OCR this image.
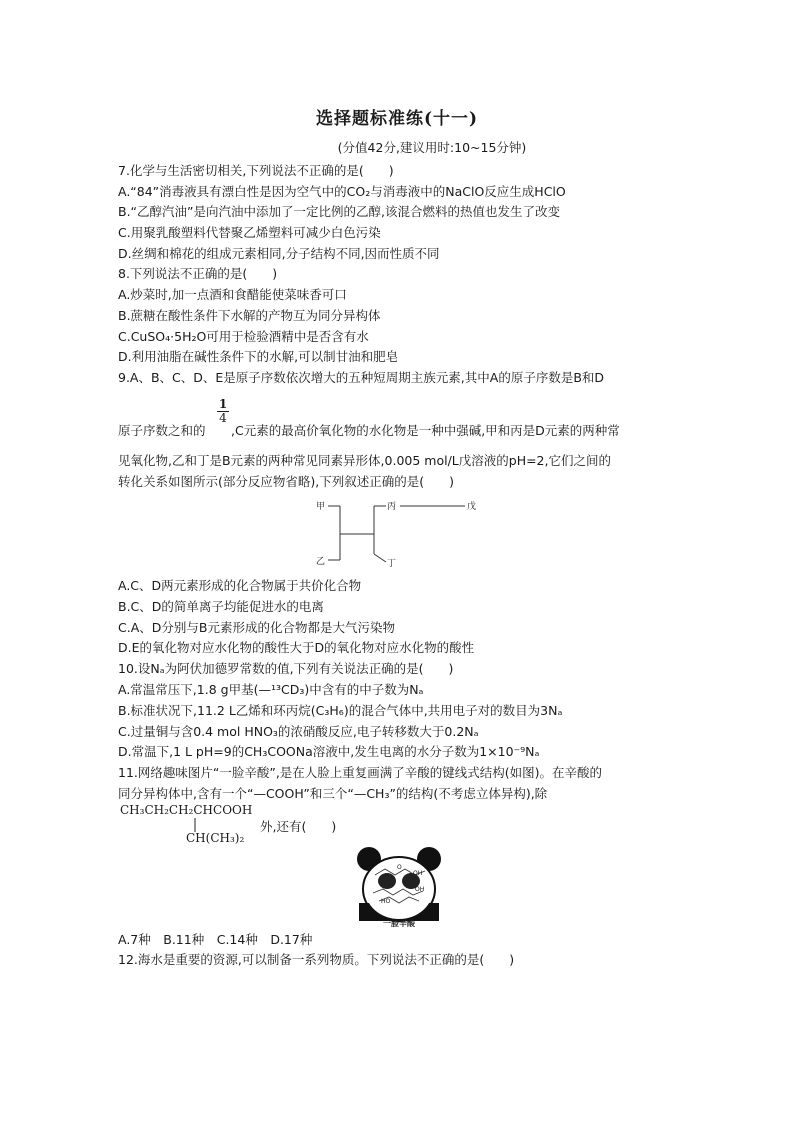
选择题标准练(十一)
(分值42分,建议用时:10~15分钟)
7.化学与生活密切相关,下列说法不正确的是(　　)
A.“84”消毒液具有漂白性是因为空气中的CO₂与消毒液中的NaClO反应生成HClO
B.“乙醇汽油”是向汽油中添加了一定比例的乙醇,该混合燃料的热值也发生了改变
C.用聚乳酸塑料代替聚乙烯塑料可减少白色污染
D.丝绸和棉花的组成元素相同,分子结构不同,因而性质不同
8.下列说法不正确的是(　　)
A.炒菜时,加一点酒和食醋能使菜味香可口
B.蔗糖在酸性条件下水解的产物互为同分异构体
C.CuSO₄·5H₂O可用于检验酒精中是否含有水
D.利用油脂在碱性条件下的水解,可以制甘油和肥皂
9.A、B、C、D、E是原子序数依次增大的五种短周期主族元素,其中A的原子序数是B和D
$\frac{1}{4}$
原子序数之和的 ,C元素的最高价氧化物的水化物是一种中强碱,甲和丙是D元素的两种常
见氧化物,乙和丁是B元素的两种常见同素异形体,0.005 mol/L戊溶液的pH=2,它们之间的
转化关系如图所示(部分反应物省略),下列叙述正确的是(　　)
甲
乙
丙	戊
丁
A.C、D两元素形成的化合物属于共价化合物
B.C、D的简单离子均能促进水的电离
C.A、D分别与B元素形成的化合物都是大气污染物
D.E的氧化物对应水化物的酸性大于D的氧化物对应水化物的酸性
10.设Nₐ为阿伏加德罗常数的值,下列有关说法正确的是(　　)
A.常温常压下,1.8 g甲基(—¹³CD₃)中含有的中子数为Nₐ
B.标准状况下,11.2 L乙烯和环丙烷(C₃H₆)的混合气体中,共用电子对的数目为3Nₐ
C.过量铜与含0.4 mol HNO₃的浓硝酸反应,电子转移数大于0.2Nₐ
D.常温下,1 L pH=9的CH₃COONa溶液中,发生电离的水分子数为1×10⁻⁹Nₐ
11.网络趣味图片“一脸辛酸”,是在人脸上重复画满了辛酸的键线式结构(如图)。在辛酸的
同分异构体中,含有一个“—COOH”和三个“—CH₃”的结构(不考虑立体异构),除
CH₃CH₂CH₂CHCOOH
CH(CH₃)₂
外,还有(　　)
OH
OH
HO
O
一脸辛酸
A.7种　B.11种　C.14种　D.17种
12.海水是重要的资源,可以制备一系列物质。下列说法不正确的是(　　)
